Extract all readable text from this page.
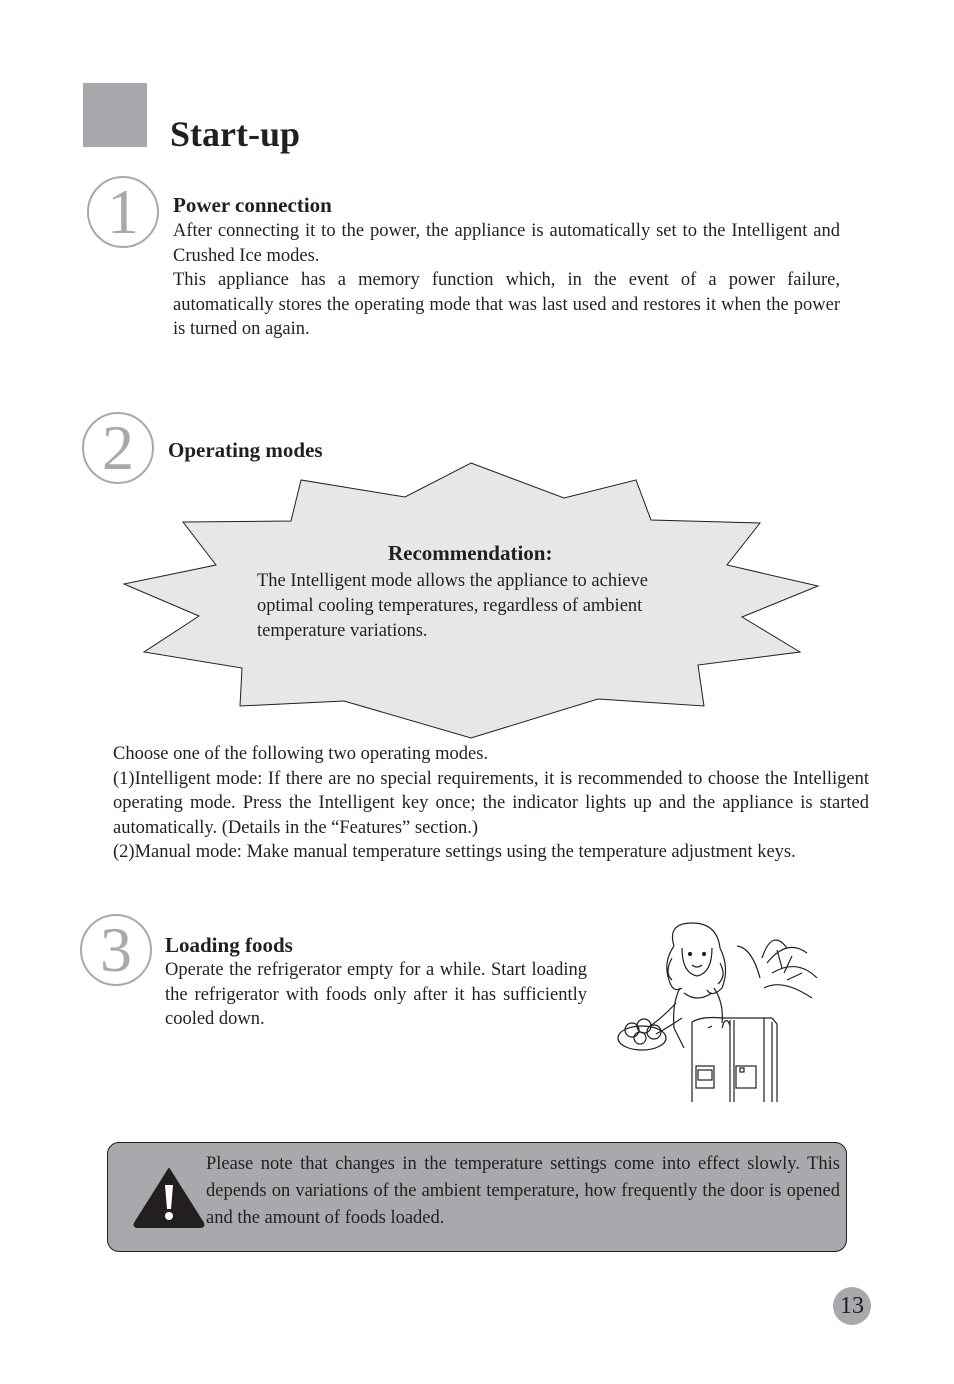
Start-up
1	Power connection

After connecting it to the power, the appliance is automatically set to the Intelligent and Crushed Ice modes.

This appliance has a memory function which, in the event of a power failure, automatically stores the operating mode that was last used and restores it when the power is turned on again.

2	Operating modes
Recommendation:
The Intelligent mode allows the appliance to achieve optimal cooling temperatures, regardless of ambient temperature variations.

Choose one of the following two operating modes.

(1)Intelligent mode: If there are no special requirements, it is recommended to choose the Intelligent operating mode. Press the Intelligent key once; the indicator lights up and the appliance is started automatically. (Details in the “Features” section.)

(2)Manual mode: Make manual temperature settings using the temperature adjustment keys.

3	Loading foods
Operate the refrigerator empty for a while. Start loading the refrigerator with foods only after it has sufficiently cooled down.
Please note that changes in the temperature settings come into effect slowly. This depends on variations of the ambient temperature, how frequently the door is opened and the amount of foods loaded.
13
